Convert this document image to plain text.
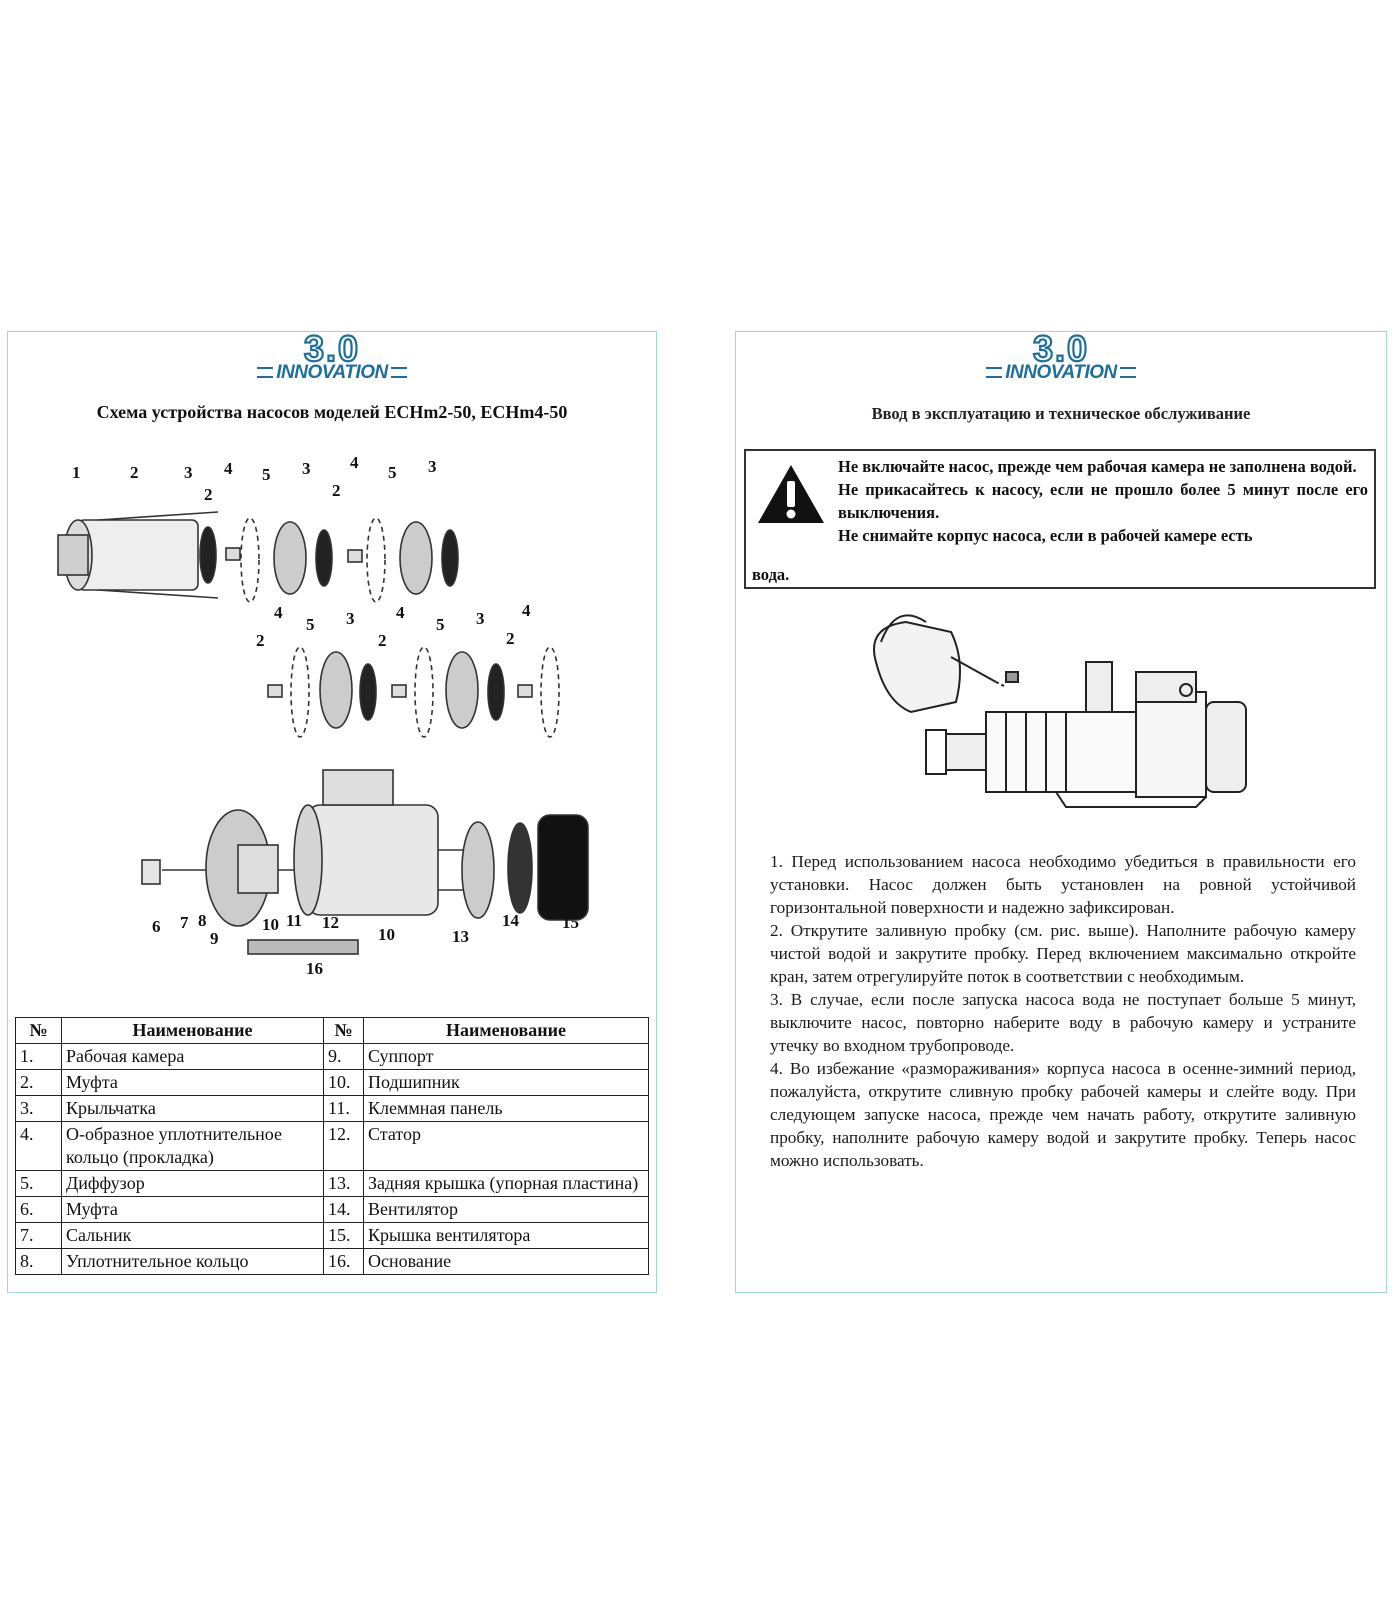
3.0
INNOVATION
Схема устройства насосов моделей ECHm2-50, ECHm4-50
1	2	3
2
4 5 3
2
4
5 3
4
2
5 3 4
2
5 3
2
4
6 7 8
9
10 11 12
10	13
14	15
16
№	Наименование	№	Наименование
1.	Рабочая камера	9.	Суппорт
2.	Муфта	10.	Подшипник
3.	Крыльчатка	11.	Клеммная панель
4.	О-образное уплотнительное кольцо (прокладка)	12.	Статор
5.	Диффузор	13.	Задняя крышка (упорная пластина)
6.	Муфта	14.	Вентилятор
7.	Сальник	15.	Крышка вентилятора
8.	Уплотнительное кольцо	16.	Основание
3.0
INNOVATION
Ввод в эксплуатацию и техническое обслуживание

Не включайте насос, прежде чем рабочая камера не заполнена водой.

Не прикасайтесь к насосу, если не прошло более 5 минут после его выключения.

Не снимайте корпус насоса, если в рабочей камере есть

вода.

1. Перед использованием насоса необходимо убедиться в правильности его установки. Насос должен быть установлен на ровной устойчивой горизонтальной поверхности и надежно зафиксирован.

2. Открутите заливную пробку (см. рис. выше). Наполните рабочую камеру чистой водой и закрутите пробку. Перед включением максимально откройте кран, затем отрегулируйте поток в соответствии с необходимым.

3. В случае, если после запуска насоса вода не поступает больше 5 минут, выключите насос, повторно наберите воду в рабочую камеру и устраните утечку во входном трубопроводе.

4. Во избежание «размораживания» корпуса насоса в осенне-зимний период, пожалуйста, открутите сливную пробку рабочей камеры и слейте воду. При следующем запуске насоса, прежде чем начать работу, открутите заливную пробку, наполните рабочую камеру водой и закрутите пробку. Теперь насос можно использовать.
